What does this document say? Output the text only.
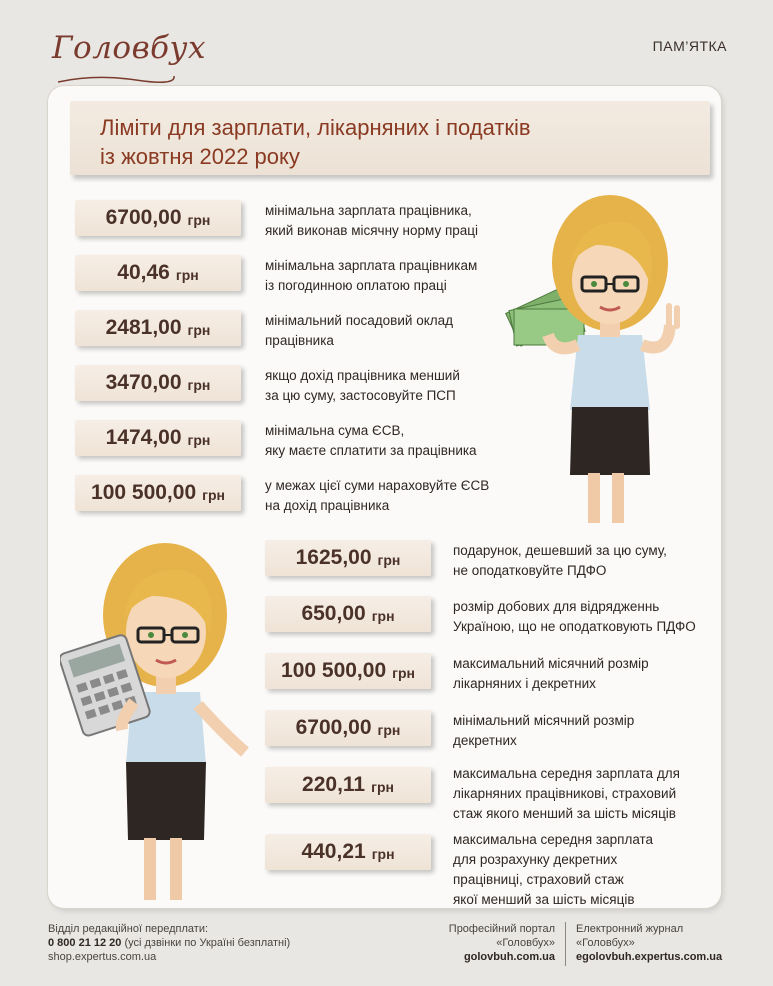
Головбух	ПАМ’ЯТКА
Ліміти для зарплати, лікарняних і податків
із жовтня 2022 року
6700,00 грн
мінімальна зарплата працівника,
який виконав місячну норму праці
40,46 грн
мінімальна зарплата працівникам
із погодинною оплатою праці
2481,00 грн
мінімальний посадовий оклад
працівника
3470,00 грн
якщо дохід працівника менший
за цю суму, застосовуйте ПСП
1474,00 грн
мінімальна сума ЄСВ,
яку маєте сплатити за працівника
100 500,00 грн
у межах цієї суми нараховуйте ЄСВ
на дохід працівника
1625,00 грн
подарунок, дешевший за цю суму,
не оподатковуйте ПДФО
650,00 грн
розмір добових для відрядженнь
Україною, що не оподатковують ПДФО
100 500,00 грн
максимальний місячний розмір
лікарняних і декретних
6700,00 грн
мінімальний місячний розмір
декретних
220,11 грн
максимальна середня зарплата для
лікарняних працівникові, страховий
стаж якого менший за шість місяців
440,21 грн
максимальна середня зарплата
для розрахунку декретних
працівниці, страховий стаж
якої менший за шість місяців
Відділ редакційної передплати:
0 800 21 12 20 (усі дзвінки по Україні безплатні)
shop.expertus.com.ua
Професійний портал
«Головбух»
golovbuh.com.ua
Електронний журнал
«Головбух»
egolovbuh.expertus.com.ua
